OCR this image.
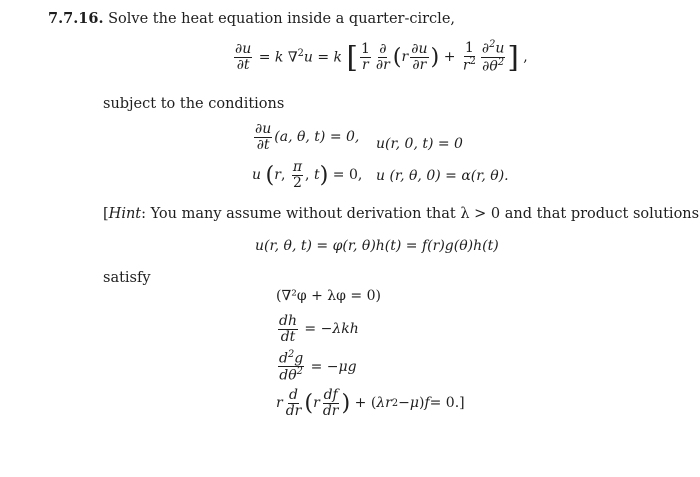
7.7.16. Solve the heat equation inside a quarter-circle,
$\frac{\partial u}{\partial t} = k$ ∇$^2$u = k [ $\frac{1}{r} \frac{\partial}{\partial r}$ ( r $\frac{\partial u}{\partial r}$ ) + $\frac{1}{r^2} \frac{\partial^2u}{\partial\theta^2}$ ] ,
subject to the conditions
$\frac{\partial u}{\partial t} (a$, θ, t) = 0, u(r, 0, t) = 0
u
( r , $\frac{\pi}{2}$ , t ) = 0, u (r, θ, 0) = α(r, θ).
[Hint: You many assume without derivation that λ > 0 and that product solutions
u(r, θ, t) = φ(r, θ)h(t) = f(r)g(θ)h(t)
satisfy
(∇²φ + λφ = 0)
$\frac{dh}{dt}$ = − λkh
$\frac{d^2g}{d\theta^2}$ = − μg
r $\frac{d}{dr}$ ( r $\frac{df}{dr}$ ) + ( λr 2 − μ ) f = 0.]
